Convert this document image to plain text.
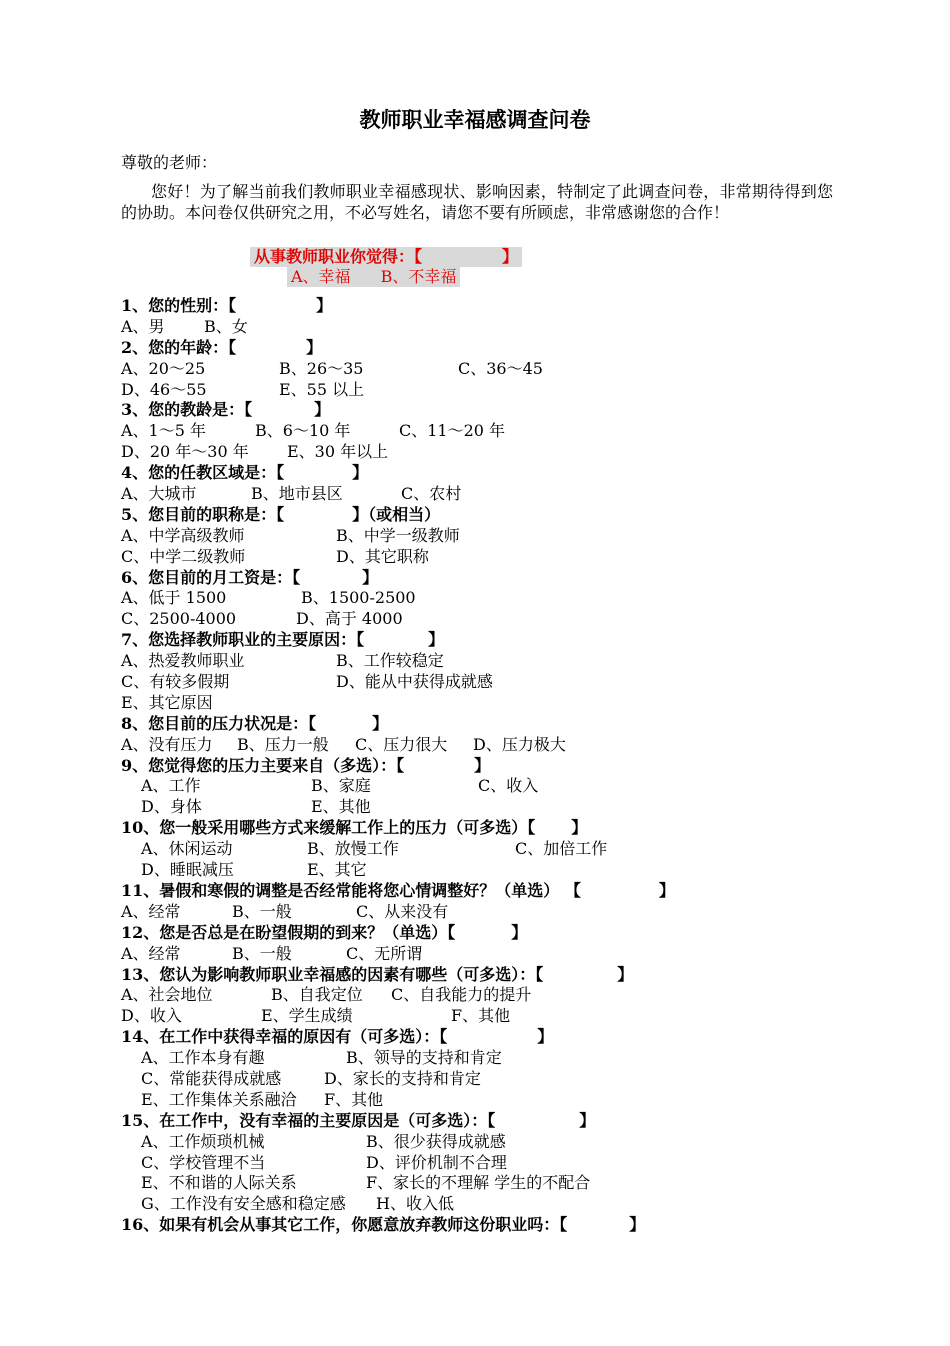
教师职业幸福感调查问卷
尊敬的老师：
您好！为了解当前我们教师职业幸福感现状、影响因素，特制定了此调查问卷，非常期待得到您的协助。本问卷仅供研究之用，不必写姓名，请您不要有所顾虑，非常感谢您的合作！
从事教师职业你觉得：【	】
A、幸福 B、不幸福
1、您的性别：【	】
A、男 B、女
2、您的年龄：【	】
A、20～25	B、26～35	C、36～45
D、46～55	E、55 以上
3、您的教龄是：【	】
A、1～5 年	B、6～10 年	C、11～20 年
D、20 年～30 年 E、30 年以上
4、您的任教区域是：【	】
A、大城市	B、地市县区	C、农村
5、您目前的职称是：【	】（或相当）
A、中学高级教师	B、中学一级教师
C、中学二级教师	D、其它职称
6、您目前的月工资是：【	】
A、低于 1500	B、1500-2500
C、2500-4000	D、高于 4000
7、您选择教师职业的主要原因：【	】
A、热爱教师职业	B、工作较稳定
C、有较多假期	D、能从中获得成就感
E、其它原因
8、您目前的压力状况是：【	】
A、没有压力 B、压力一般 C、压力很大 D、压力极大
9、您觉得您的压力主要来自（多选）：【	】
A、工作	B、家庭	C、收入
D、身体	E、其他
10、您一般采用哪些方式来缓解工作上的压力（可多选）【 】
A、休闲运动	B、放慢工作	C、加倍工作
D、睡眠减压	E、其它
11、暑假和寒假的调整是否经常能将您心情调整好？（单选） 【	】
A、经常	B、一般	C、从来没有
12、您是否总是在盼望假期的到来？（单选）【	】
A、经常	B、一般	C、无所谓
13、您认为影响教师职业幸福感的因素有哪些（可多选）：【	】
A、社会地位	B、自我定位 C、自我能力的提升
D、收入	E、学生成绩	F、其他
14、在工作中获得幸福的原因有（可多选）：【	】
A、工作本身有趣	B、领导的支持和肯定
C、常能获得成就感	D、家长的支持和肯定
E、工作集体关系融洽 F、其他
15、在工作中，没有幸福的主要原因是（可多选）：【	】
A、工作烦琐机械	B、很少获得成就感
C、学校管理不当	D、评价机制不合理
E、不和谐的人际关系	F、家长的不理解 学生的不配合
G、工作没有安全感和稳定感 H、收入低
16、如果有机会从事其它工作，你愿意放弃教师这份职业吗：【	】
